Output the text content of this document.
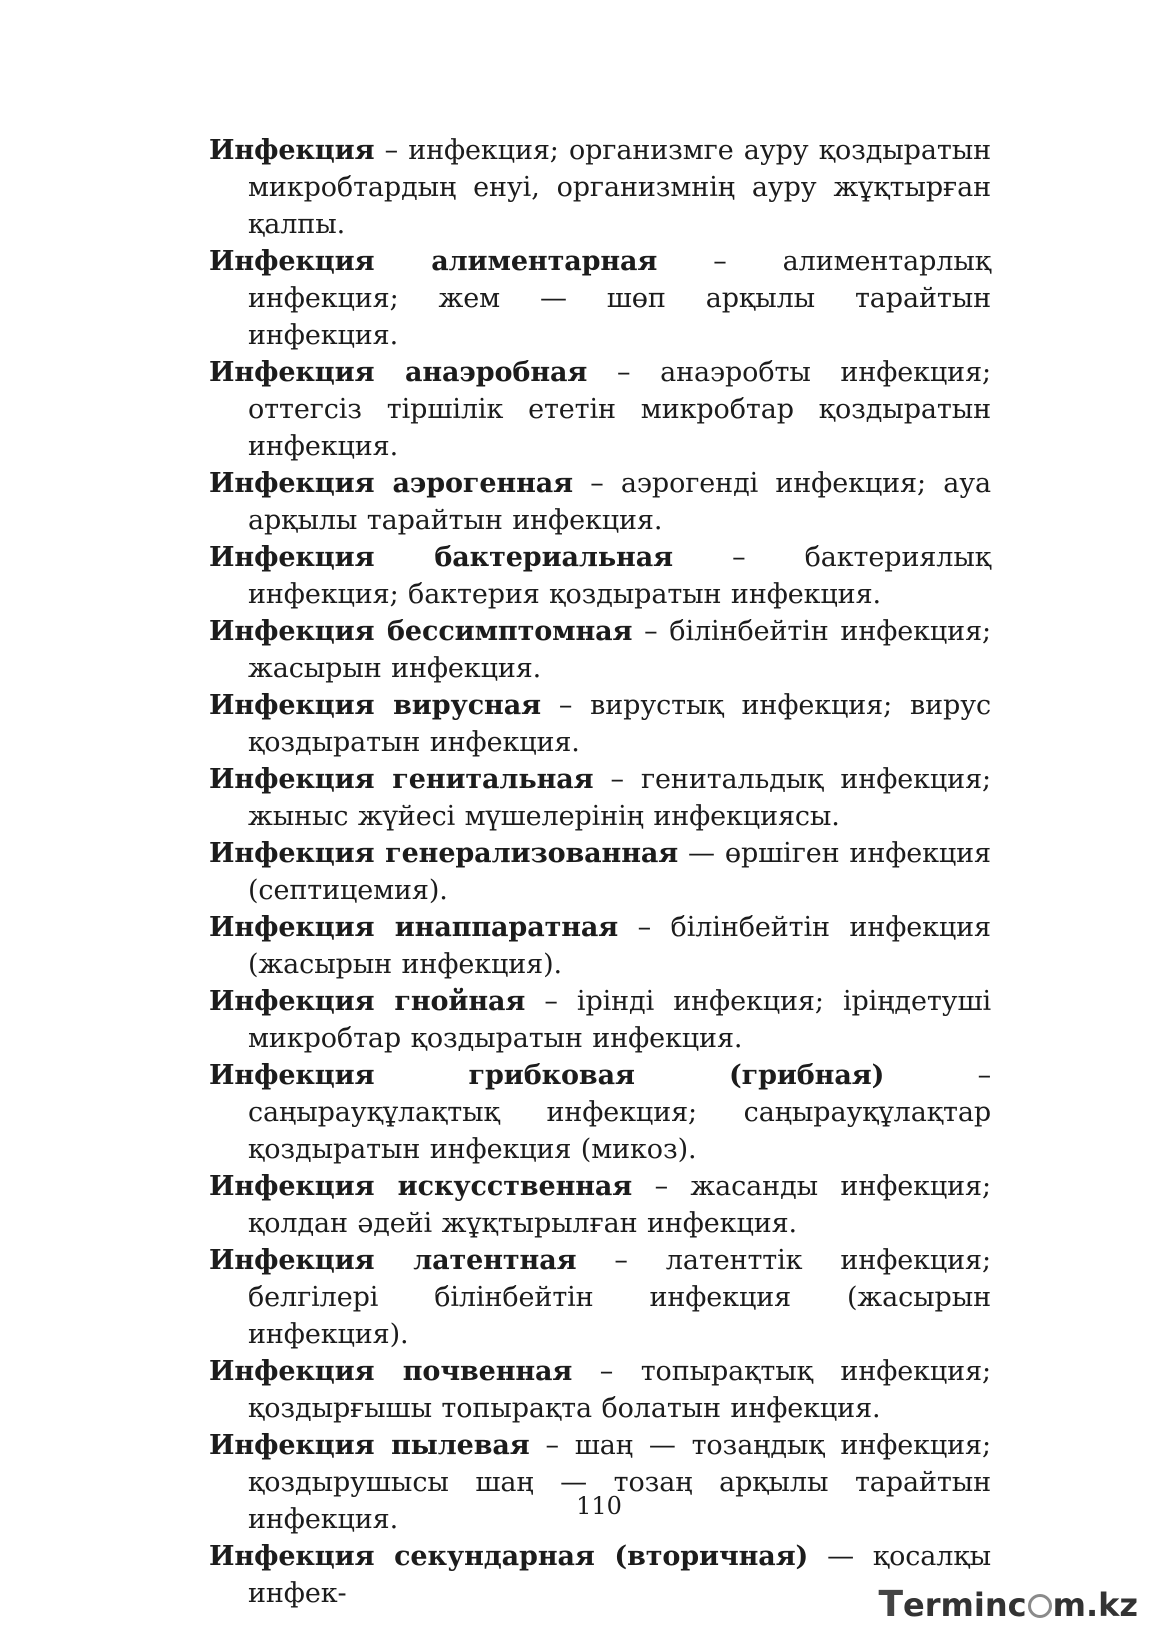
Инфекция – инфекция; организмге ауру қоздыратын микробтардың енуі, организмнің ауру жұқтырған қалпы.

Инфекция алиментарная – алиментарлық инфекция; жем — шөп арқылы тарайтын инфекция.

Инфекция анаэробная – анаэробты инфекция; оттегсіз тіршілік ететін микробтар қоздыратын инфекция.

Инфекция аэрогенная – аэрогенді инфекция; ауа арқылы тарайтын инфекция.

Инфекция бактериальная – бактериялық инфекция; бактерия қоздыратын инфекция.

Инфекция бессимптомная – білінбейтін инфекция; жасырын инфекция.

Инфекция вирусная – вирустық инфекция; вирус қоздыратын инфекция.

Инфекция генитальная – генитальдық инфекция; жыныс жүйесі мүшелерінің инфекциясы.

Инфекция генерализованная — өршіген инфекция (септицемия).

Инфекция инаппаратная – білінбейтін инфекция (жасырын инфекция).

Инфекция гнойная – ірінді инфекция; іріңдетуші микробтар қоздыратын инфекция.

Инфекция грибковая (грибная) – саңырауқұлақтық инфекция; саңырауқұлақтар қоздыратын инфекция (микоз).

Инфекция искусственная – жасанды инфекция; қолдан әдейі жұқтырылған инфекция.

Инфекция латентная – латенттік инфекция; белгілері білінбейтін инфекция (жасырын инфекция).

Инфекция почвенная – топырақтық инфекция; қоздырғышы топырақта болатын инфекция.

Инфекция пылевая – шаң — тозаңдық инфекция; қоздырушысы шаң — тозаң арқылы тарайтын инфекция.

Инфекция секундарная (вторичная) — қосалқы инфек-

110
T ermin c m.kz
